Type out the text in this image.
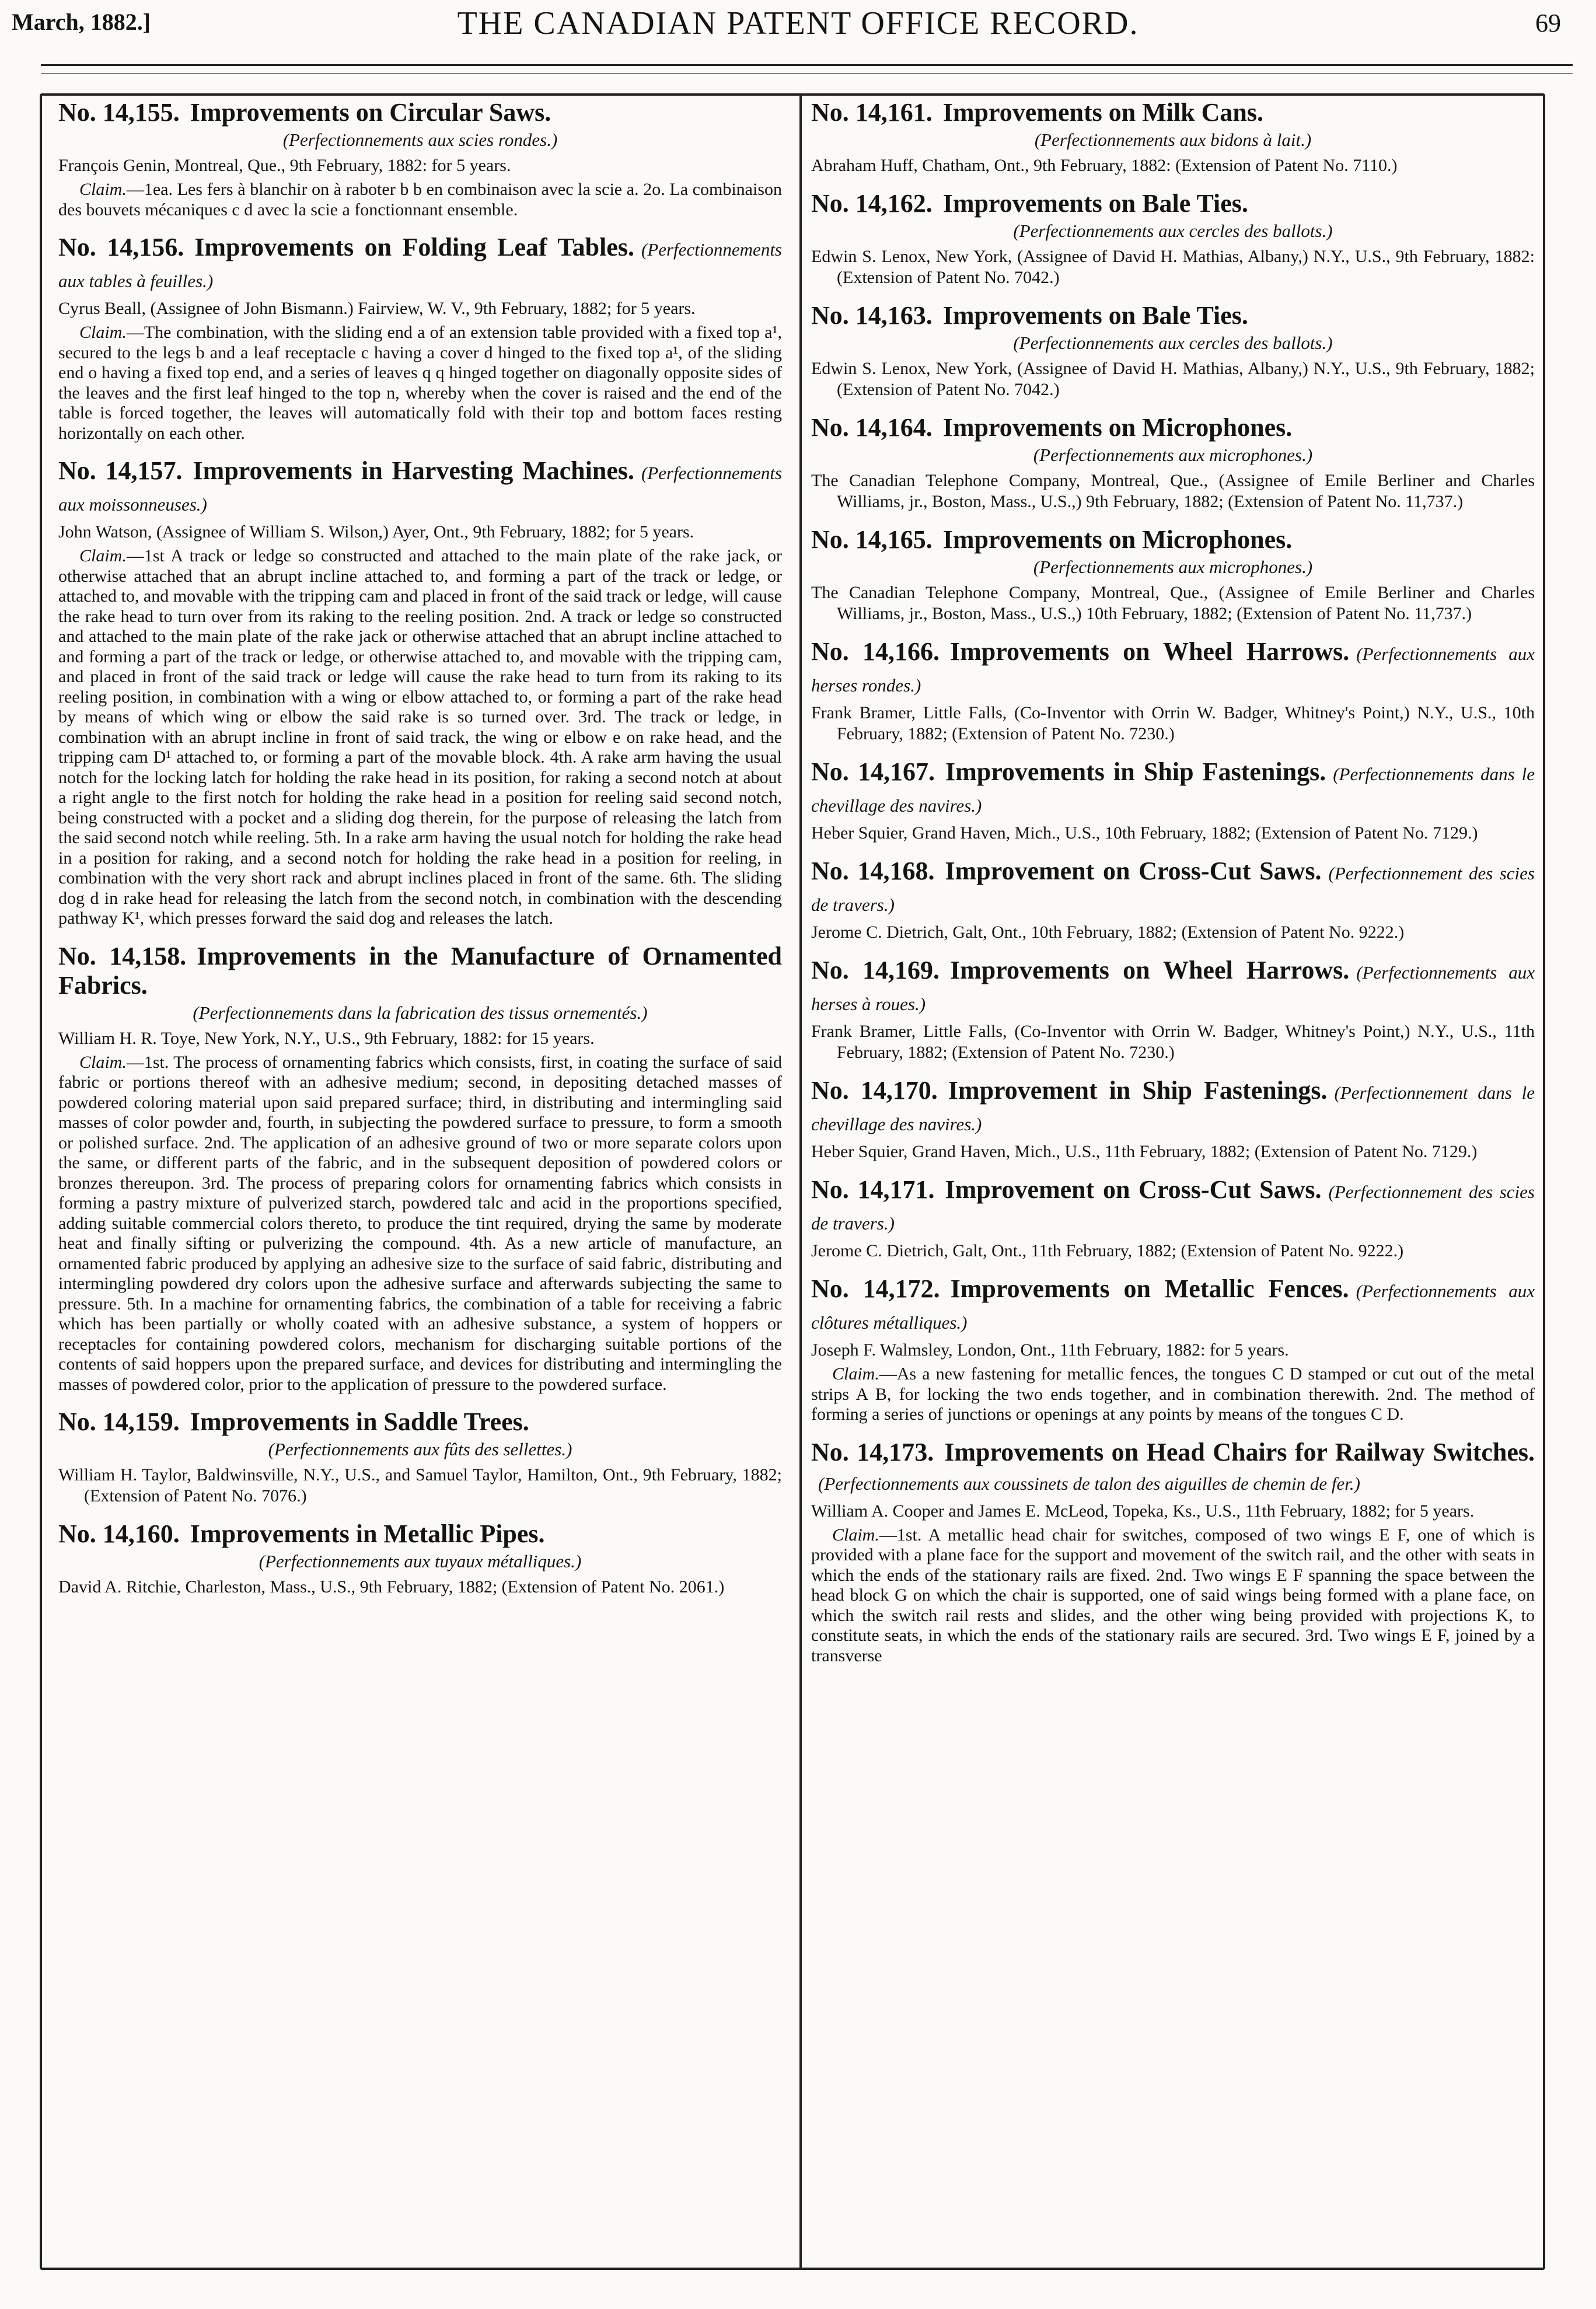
March, 1882.]	THE CANADIAN PATENT OFFICE RECORD.	69

No. 14,155. Improvements on Circular Saws.

(Perfectionnements aux scies rondes.)

François Genin, Montreal, Que., 9th February, 1882: for 5 years.

Claim.—1ea. Les fers à blanchir on à raboter b b en combinaison avec la scie a. 2o. La combinaison des bouvets mécaniques c d avec la scie a fonctionnant ensemble.

No. 14,156. Improvements on Folding Leaf Tables. (Perfectionnements aux tables à feuilles.)

Cyrus Beall, (Assignee of John Bismann.) Fairview, W. V., 9th February, 1882; for 5 years.

Claim.—The combination, with the sliding end a of an extension table provided with a fixed top a¹, secured to the legs b and a leaf receptacle c having a cover d hinged to the fixed top a¹, of the sliding end o having a fixed top end, and a series of leaves q q hinged together on diagonally opposite sides of the leaves and the first leaf hinged to the top n, whereby when the cover is raised and the end of the table is forced together, the leaves will automatically fold with their top and bottom faces resting horizontally on each other.

No. 14,157. Improvements in Harvesting Machines. (Perfectionnements aux moissonneuses.)

John Watson, (Assignee of William S. Wilson,) Ayer, Ont., 9th February, 1882; for 5 years.

Claim.—1st A track or ledge so constructed and attached to the main plate of the rake jack, or otherwise attached that an abrupt incline attached to, and forming a part of the track or ledge, or attached to, and movable with the tripping cam and placed in front of the said track or ledge, will cause the rake head to turn over from its raking to the reeling position. 2nd. A track or ledge so constructed and attached to the main plate of the rake jack or otherwise attached that an abrupt incline attached to and forming a part of the track or ledge, or otherwise attached to, and movable with the tripping cam, and placed in front of the said track or ledge will cause the rake head to turn from its raking to its reeling position, in combination with a wing or elbow attached to, or forming a part of the rake head by means of which wing or elbow the said rake is so turned over. 3rd. The track or ledge, in combination with an abrupt incline in front of said track, the wing or elbow e on rake head, and the tripping cam D¹ attached to, or forming a part of the movable block. 4th. A rake arm having the usual notch for the locking latch for holding the rake head in its position, for raking a second notch at about a right angle to the first notch for holding the rake head in a position for reeling said second notch, being constructed with a pocket and a sliding dog therein, for the purpose of releasing the latch from the said second notch while reeling. 5th. In a rake arm having the usual notch for holding the rake head in a position for raking, and a second notch for holding the rake head in a position for reeling, in combination with the very short rack and abrupt inclines placed in front of the same. 6th. The sliding dog d in rake head for releasing the latch from the second notch, in combination with the descending pathway K¹, which presses forward the said dog and releases the latch.

No. 14,158. Improvements in the Manufacture of Ornamented Fabrics.

(Perfectionnements dans la fabrication des tissus ornementés.)

William H. R. Toye, New York, N.Y., U.S., 9th February, 1882: for 15 years.

Claim.—1st. The process of ornamenting fabrics which consists, first, in coating the surface of said fabric or portions thereof with an adhesive medium; second, in depositing detached masses of powdered coloring material upon said prepared surface; third, in distributing and intermingling said masses of color powder and, fourth, in subjecting the powdered surface to pressure, to form a smooth or polished surface. 2nd. The application of an adhesive ground of two or more separate colors upon the same, or different parts of the fabric, and in the subsequent deposition of powdered colors or bronzes thereupon. 3rd. The process of preparing colors for ornamenting fabrics which consists in forming a pastry mixture of pulverized starch, powdered talc and acid in the proportions specified, adding suitable commercial colors thereto, to produce the tint required, drying the same by moderate heat and finally sifting or pulverizing the compound. 4th. As a new article of manufacture, an ornamented fabric produced by applying an adhesive size to the surface of said fabric, distributing and intermingling powdered dry colors upon the adhesive surface and afterwards subjecting the same to pressure. 5th. In a machine for ornamenting fabrics, the combination of a table for receiving a fabric which has been partially or wholly coated with an adhesive substance, a system of hoppers or receptacles for containing powdered colors, mechanism for discharging suitable portions of the contents of said hoppers upon the prepared surface, and devices for distributing and intermingling the masses of powdered color, prior to the application of pressure to the powdered surface.

No. 14,159. Improvements in Saddle Trees.

(Perfectionnements aux fûts des sellettes.)

William H. Taylor, Baldwinsville, N.Y., U.S., and Samuel Taylor, Hamilton, Ont., 9th February, 1882; (Extension of Patent No. 7076.)

No. 14,160. Improvements in Metallic Pipes.

(Perfectionnements aux tuyaux métalliques.)

David A. Ritchie, Charleston, Mass., U.S., 9th February, 1882; (Extension of Patent No. 2061.)

No. 14,161. Improvements on Milk Cans.

(Perfectionnements aux bidons à lait.)

Abraham Huff, Chatham, Ont., 9th February, 1882: (Extension of Patent No. 7110.)

No. 14,162. Improvements on Bale Ties.

(Perfectionnements aux cercles des ballots.)

Edwin S. Lenox, New York, (Assignee of David H. Mathias, Albany,) N.Y., U.S., 9th February, 1882: (Extension of Patent No. 7042.)

No. 14,163. Improvements on Bale Ties.

(Perfectionnements aux cercles des ballots.)

Edwin S. Lenox, New York, (Assignee of David H. Mathias, Albany,) N.Y., U.S., 9th February, 1882; (Extension of Patent No. 7042.)

No. 14,164. Improvements on Microphones.

(Perfectionnements aux microphones.)

The Canadian Telephone Company, Montreal, Que., (Assignee of Emile Berliner and Charles Williams, jr., Boston, Mass., U.S.,) 9th February, 1882; (Extension of Patent No. 11,737.)

No. 14,165. Improvements on Microphones.

(Perfectionnements aux microphones.)

The Canadian Telephone Company, Montreal, Que., (Assignee of Emile Berliner and Charles Williams, jr., Boston, Mass., U.S.,) 10th February, 1882; (Extension of Patent No. 11,737.)

No. 14,166. Improvements on Wheel Harrows. (Perfectionnements aux herses rondes.)

Frank Bramer, Little Falls, (Co-Inventor with Orrin W. Badger, Whitney's Point,) N.Y., U.S., 10th February, 1882; (Extension of Patent No. 7230.)

No. 14,167. Improvements in Ship Fastenings. (Perfectionnements dans le chevillage des navires.)

Heber Squier, Grand Haven, Mich., U.S., 10th February, 1882; (Extension of Patent No. 7129.)

No. 14,168. Improvement on Cross-Cut Saws. (Perfectionnement des scies de travers.)

Jerome C. Dietrich, Galt, Ont., 10th February, 1882; (Extension of Patent No. 9222.)

No. 14,169. Improvements on Wheel Harrows. (Perfectionnements aux herses à roues.)

Frank Bramer, Little Falls, (Co-Inventor with Orrin W. Badger, Whitney's Point,) N.Y., U.S., 11th February, 1882; (Extension of Patent No. 7230.)

No. 14,170. Improvement in Ship Fastenings. (Perfectionnement dans le chevillage des navires.)

Heber Squier, Grand Haven, Mich., U.S., 11th February, 1882; (Extension of Patent No. 7129.)

No. 14,171. Improvement on Cross-Cut Saws. (Perfectionnement des scies de travers.)

Jerome C. Dietrich, Galt, Ont., 11th February, 1882; (Extension of Patent No. 9222.)

No. 14,172. Improvements on Metallic Fences. (Perfectionnements aux clôtures métalliques.)

Joseph F. Walmsley, London, Ont., 11th February, 1882: for 5 years.

Claim.—As a new fastening for metallic fences, the tongues C D stamped or cut out of the metal strips A B, for locking the two ends together, and in combination therewith. 2nd. The method of forming a series of junctions or openings at any points by means of the tongues C D.

No. 14,173. Improvements on Head Chairs for Railway Switches.(Perfectionnements aux coussinets de talon des aiguilles de chemin de fer.)

William A. Cooper and James E. McLeod, Topeka, Ks., U.S., 11th February, 1882; for 5 years.

Claim.—1st. A metallic head chair for switches, composed of two wings E F, one of which is provided with a plane face for the support and movement of the switch rail, and the other with seats in which the ends of the stationary rails are fixed. 2nd. Two wings E F spanning the space between the head block G on which the chair is supported, one of said wings being formed with a plane face, on which the switch rail rests and slides, and the other wing being provided with projections K, to constitute seats, in which the ends of the stationary rails are secured. 3rd. Two wings E F, joined by a transverse
